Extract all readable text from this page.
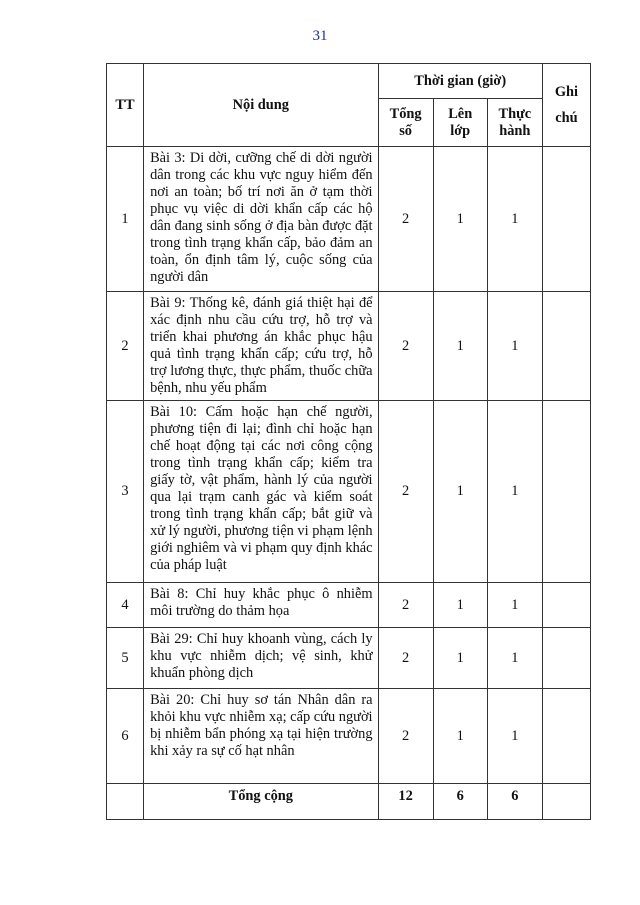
31
TT	Nội dung	Thời gian (giờ)			Ghi chú

		Tổng số	Lên lớp	Thực hành	

1	Bài 3: Di dời, cưỡng chế di dời người dân trong các khu vực nguy hiểm đến nơi an toàn; bố trí nơi ăn ở tạm thời phục vụ việc di dời khẩn cấp các hộ dân đang sinh sống ở địa bàn được đặt trong tình trạng khẩn cấp, bảo đảm an toàn, ổn định tâm lý, cuộc sống của người dân	2	1	1	
2	Bài 9: Thống kê, đánh giá thiệt hại để xác định nhu cầu cứu trợ, hỗ trợ và triển khai phương án khắc phục hậu quả tình trạng khẩn cấp; cứu trợ, hỗ trợ lương thực, thực phẩm, thuốc chữa bệnh, nhu yếu phẩm	2	1	1	
3	Bài 10: Cấm hoặc hạn chế người, phương tiện đi lại; đình chỉ hoặc hạn chế hoạt động tại các nơi công cộng trong tình trạng khẩn cấp; kiểm tra giấy tờ, vật phẩm, hành lý của người qua lại trạm canh gác và kiểm soát trong tình trạng khẩn cấp; bắt giữ và xử lý người, phương tiện vi phạm lệnh giới nghiêm và vi phạm quy định khác của pháp luật	2	1	1	
4	Bài 8: Chỉ huy khắc phục ô nhiễm môi trường do thảm họa	2	1	1	
5	Bài 29: Chỉ huy khoanh vùng, cách ly khu vực nhiễm dịch; vệ sinh, khử khuẩn phòng dịch	2	1	1	
6	Bài 20: Chỉ huy sơ tán Nhân dân ra khỏi khu vực nhiễm xạ; cấp cứu người bị nhiễm bẩn phóng xạ tại hiện trường khi xảy ra sự cố hạt nhân	2	1	1	
	Tổng cộng	12	6	6	
